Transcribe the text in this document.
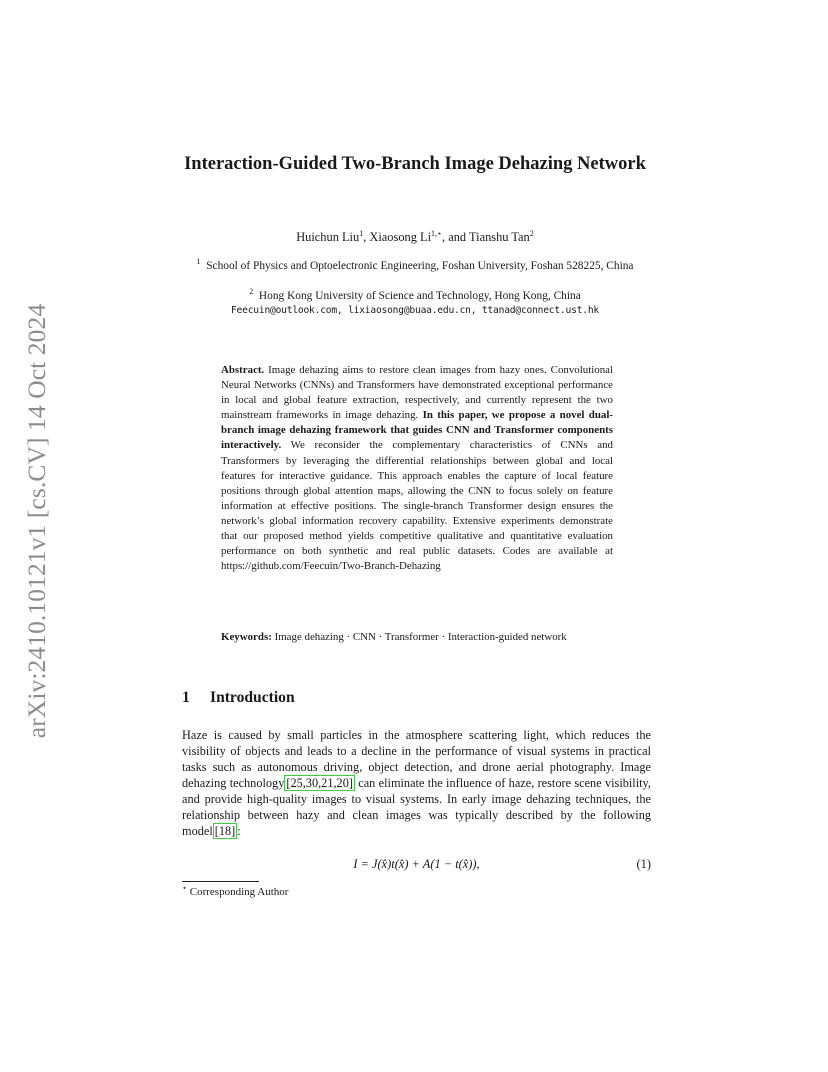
arXiv:2410.10121v1 [cs.CV] 14 Oct 2024
Interaction-Guided Two-Branch Image Dehazing Network
Huichun Liu$^1$, Xiaosong $Li^{1,⋆}$, and Tianshu Tan$^2$
$^1$ School of Physics and Optoelectronic Engineering, Foshan University, Foshan 528225, China
$^2$ Hong Kong University of Science and Technology, Hong Kong, China
Feecuin@outlook.com, lixiaosong@buaa.edu.cn, ttanad@connect.ust.hk
Abstract. Image dehazing aims to restore clean images from hazy ones. Convolutional Neural Networks (CNNs) and Transformers have demonstrated exceptional performance in local and global feature extraction, respectively, and currently represent the two mainstream frameworks in image dehazing. In this paper, we propose a novel dual-branch image dehazing framework that guides CNN and Transformer components interactively. We reconsider the complementary characteristics of CNNs and Transformers by leveraging the differential relationships between global and local features for interactive guidance. This approach enables the capture of local feature positions through global attention maps, allowing the CNN to focus solely on feature information at effective positions. The single-branch Transformer design ensures the network’s global information recovery capability. Extensive experiments demonstrate that our proposed method yields competitive qualitative and quantitative evaluation performance on both synthetic and real public datasets. Codes are available at https://github.com/Feecuin/Two-Branch-Dehazing
Keywords: Image dehazing · CNN · Transformer · Interaction-guided network
1 Introduction
Haze is caused by small particles in the atmosphere scattering light, which reduces the visibility of objects and leads to a decline in the performance of visual systems in practical tasks such as autonomous driving, object detection, and drone aerial photography. Image dehazing technology [25,30,21,20] can eliminate the influence of haze, restore scene visibility, and provide high-quality images to visual systems. In early image dehazing techniques, the relationship between hazy and clean images was typically described by the following model [18] :
I = J(x̂)t(x̂) + A(1 − t(x̂)),	(1)
⋆ Corresponding Author
